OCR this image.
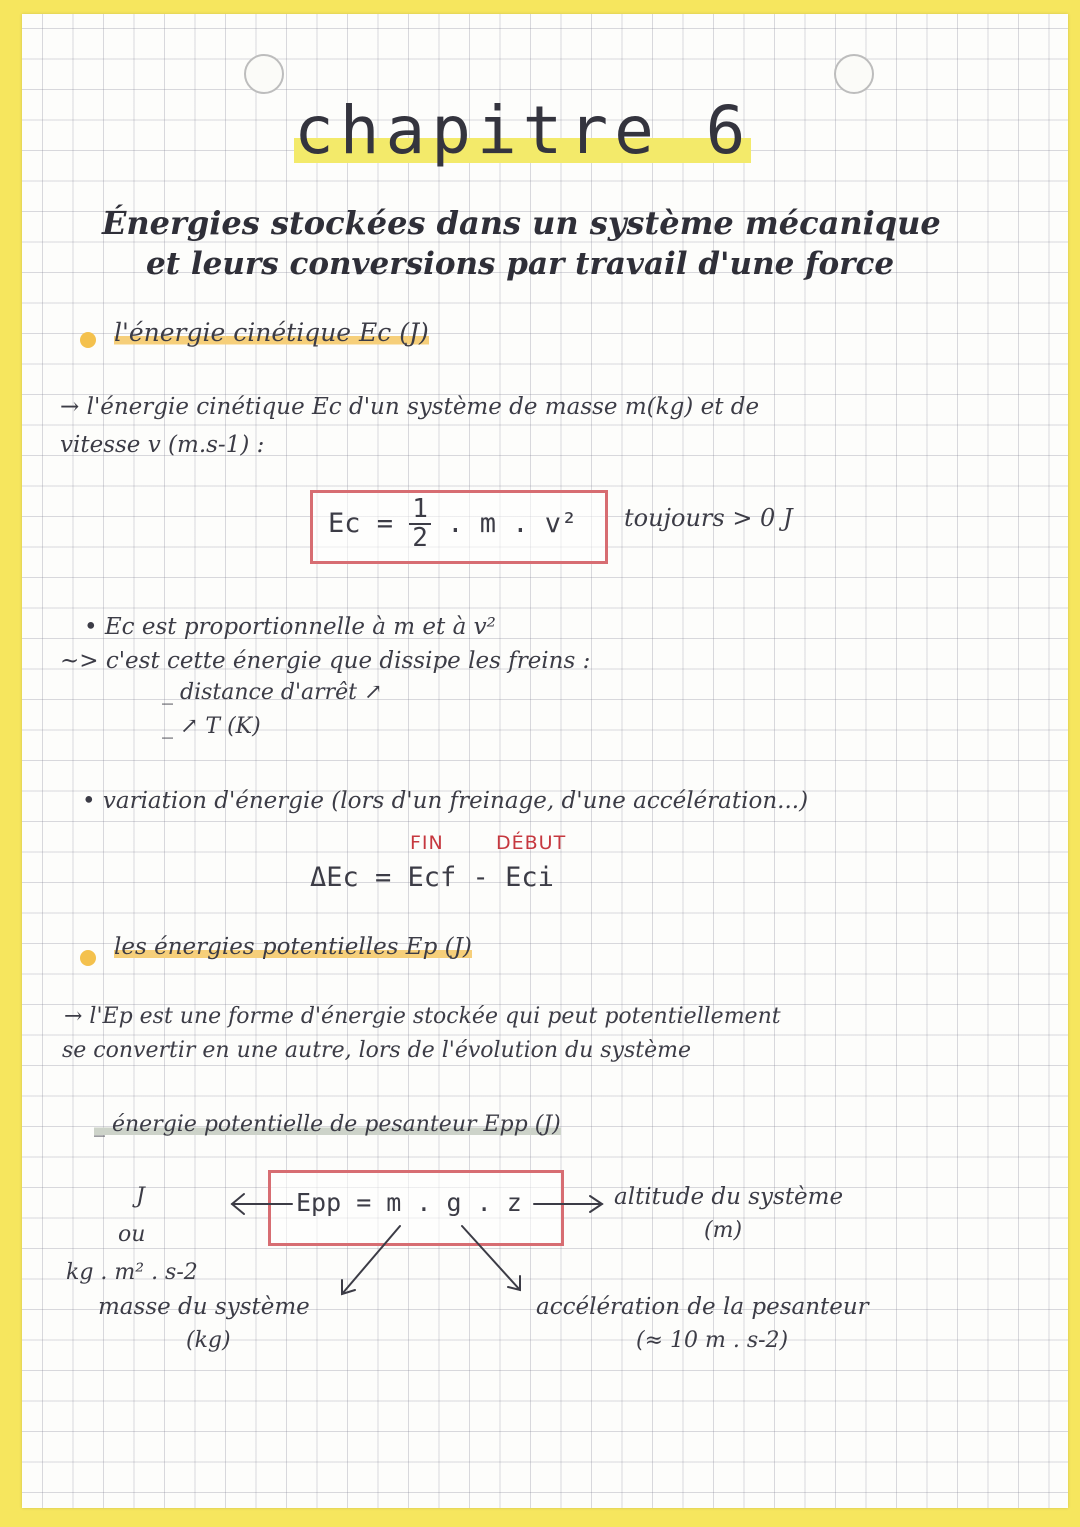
chapitre 6
Énergies stockées dans un système mécanique
et leurs conversions par travail d'une force
l'énergie cinétique Ec (J)
→ l'énergie cinétique Ec d'un système de masse m(kg) et de
vitesse v (m.s-1) :
$Ec = \frac{1}{2}$ . m . v² toujours > 0 J
• Ec est proportionnelle à m et à v²
~> c'est cette énergie que dissipe les freins :
_ distance d'arrêt ↗
_ ↗ T (K)
• variation d'énergie (lors d'un freinage, d'une accélération...)
FIN	DÉBUT
ΔEc = Ecf - Eci
les énergies potentielles Ep (J)
→ l'Ep est une forme d'énergie stockée qui peut potentiellement
se convertir en une autre, lors de l'évolution du système
_ énergie potentielle de pesanteur Epp (J)
Epp = m . g . z
J
ou
kg . m² . s-2
altitude du système
(m)
masse du système
(kg)
accélération de la pesanteur
(≈ 10 m . s-2)
